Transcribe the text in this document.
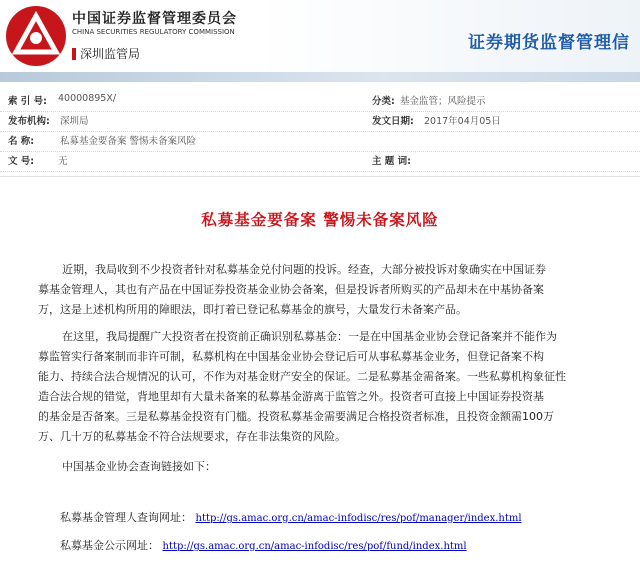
中国证券监督管理委员会
CHINA SECURITIES REGULATORY COMMISSION
深圳监管局
证券期货监督管理信
索 引 号: 40000895X/	分类: 基金监管；风险提示
发布机构: 深圳局	发文日期: 2017年04月05日
名 称:	私募基金要备案 警惕未备案风险
文 号:	无	主 题 词:
私募基金要备案 警惕未备案风险
近期，我局收到不少投资者针对私募基金兑付问题的投诉。经查，大部分被投诉对象确实在中国证券
募基金管理人，其也有产品在中国证券投资基金业协会备案，但是投诉者所购买的产品却未在中基协备案
万，这是上述机构所用的障眼法，即打着已登记私募基金的旗号，大量发行未备案产品。
在这里，我局提醒广大投资者在投资前正确识别私募基金：一是在中国基金业协会登记备案并不能作为
募监管实行备案制而非许可制，私募机构在中国基金业协会登记后可从事私募基金业务，但登记备案不构
能力、持续合法合规情况的认可，不作为对基金财产安全的保证。二是私募基金需备案。一些私募机构象征性
造合法合规的错觉，背地里却有大量未备案的私募基金游离于监管之外。投资者可直接上中国证券投资基
的基金是否备案。三是私募基金投资有门槛。投资私募基金需要满足合格投资者标准，且投资金额需100万
万、几十万的私募基金不符合法规要求，存在非法集资的风险。
中国基金业协会查询链接如下：
私募基金管理人查询网址： http://gs.amac.org.cn/amac-infodisc/res/pof/manager/index.html
私募基金公示网址： http://gs.amac.org.cn/amac-infodisc/res/pof/fund/index.html
